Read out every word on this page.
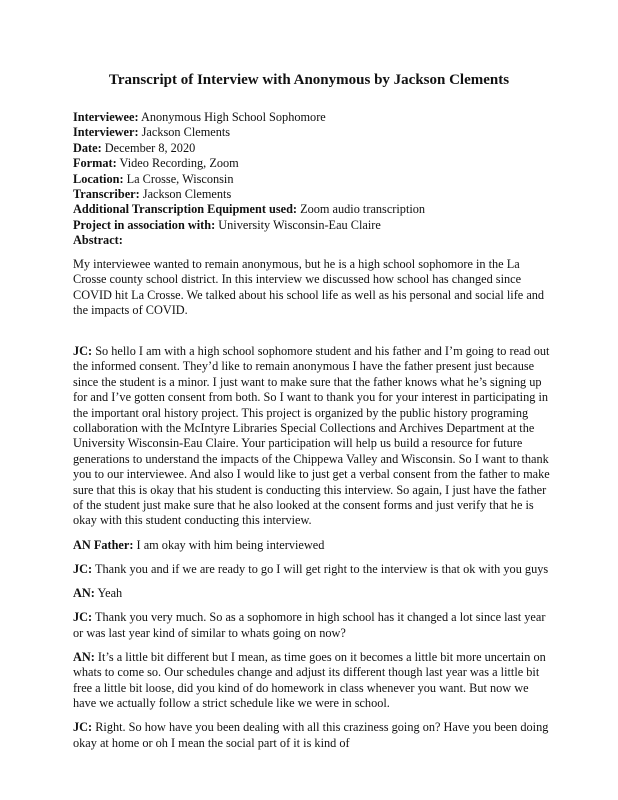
Transcript of Interview with Anonymous by Jackson Clements
Interviewee: Anonymous High School Sophomore
Interviewer: Jackson Clements
Date: December 8, 2020
Format: Video Recording, Zoom
Location: La Crosse, Wisconsin
Transcriber: Jackson Clements
Additional Transcription Equipment used: Zoom audio transcription
Project in association with: University Wisconsin-Eau Claire
Abstract:
My interviewee wanted to remain anonymous, but he is a high school sophomore in the La
Crosse county school district. In this interview we discussed how school has changed since
COVID hit La Crosse. We talked about his school life as well as his personal and social life and
the impacts of COVID.
JC: So hello I am with a high school sophomore student and his father and I’m going to read out
the informed consent. They’d like to remain anonymous I have the father present just because
since the student is a minor. I just want to make sure that the father knows what he’s signing up
for and I’ve gotten consent from both. So I want to thank you for your interest in participating in
the important oral history project. This project is organized by the public history programing
collaboration with the McIntyre Libraries Special Collections and Archives Department at the
University Wisconsin-Eau Claire. Your participation will help us build a resource for future
generations to understand the impacts of the Chippewa Valley and Wisconsin. So I want to thank
you to our interviewee. And also I would like to just get a verbal consent from the father to make
sure that this is okay that his student is conducting this interview. So again, I just have the father
of the student just make sure that he also looked at the consent forms and just verify that he is
okay with this student conducting this interview.
AN Father: I am okay with him being interviewed
JC: Thank you and if we are ready to go I will get right to the interview is that ok with you guys
AN: Yeah
JC: Thank you very much. So as a sophomore in high school has it changed a lot since last year
or was last year kind of similar to whats going on now?
AN: It’s a little bit different but I mean, as time goes on it becomes a little bit more uncertain on
whats to come so. Our schedules change and adjust its different though last year was a little bit
free a little bit loose, did you kind of do homework in class whenever you want. But now we
have we actually follow a strict schedule like we were in school.
JC: Right. So how have you been dealing with all this craziness going on? Have you been doing
okay at home or oh I mean the social part of it is kind of
